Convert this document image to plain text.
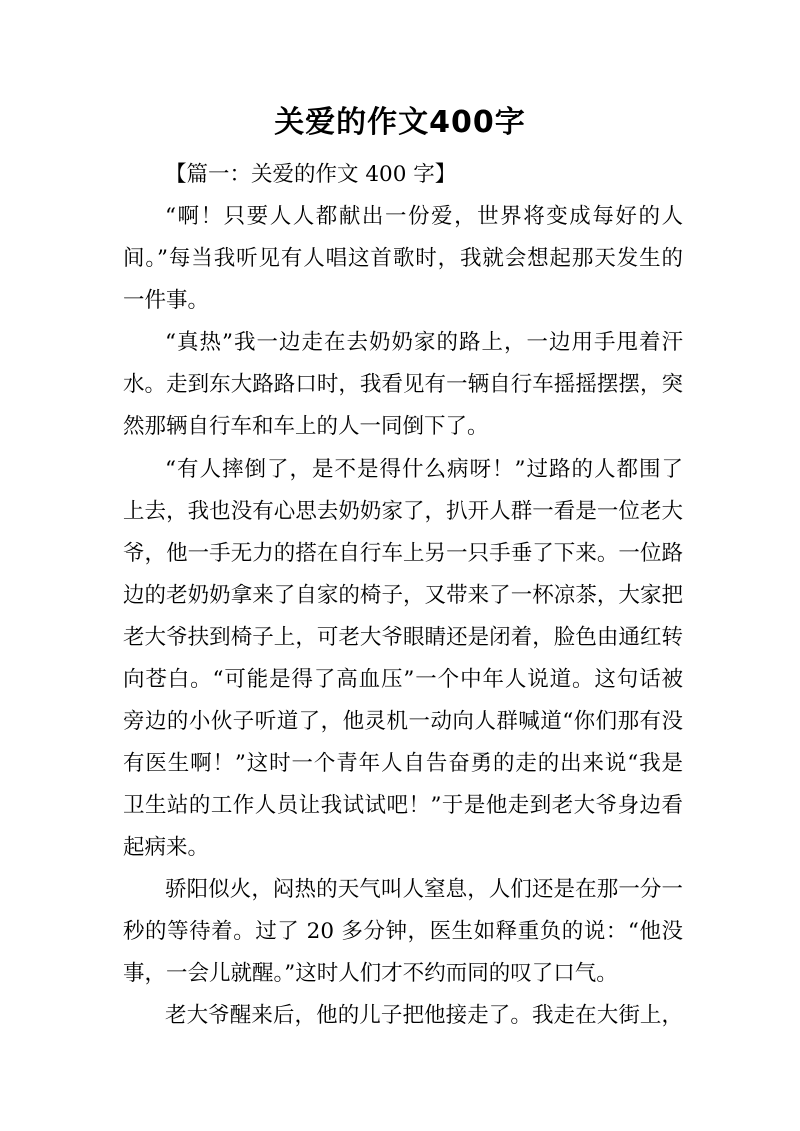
关爱的作文400字
【篇一：关爱的作文 400 字】
“啊！只要人人都献出一份爱，世界将变成每好的人
间。”每当我听见有人唱这首歌时，我就会想起那天发生的
一件事。
“真热”我一边走在去奶奶家的路上，一边用手甩着汗
水。走到东大路路口时，我看见有一辆自行车摇摇摆摆，突
然那辆自行车和车上的人一同倒下了。
“有人摔倒了，是不是得什么病呀！”过路的人都围了
上去，我也没有心思去奶奶家了，扒开人群一看是一位老大
爷，他一手无力的搭在自行车上另一只手垂了下来。一位路
边的老奶奶拿来了自家的椅子，又带来了一杯凉茶，大家把
老大爷扶到椅子上，可老大爷眼睛还是闭着，脸色由通红转
向苍白。“可能是得了高血压”一个中年人说道。这句话被
旁边的小伙子听道了，他灵机一动向人群喊道“你们那有没
有医生啊！”这时一个青年人自告奋勇的走的出来说“我是
卫生站的工作人员让我试试吧！”于是他走到老大爷身边看
起病来。
骄阳似火，闷热的天气叫人窒息，人们还是在那一分一
秒的等待着。过了 20 多分钟，医生如释重负的说：“他没
事，一会儿就醒。”这时人们才不约而同的叹了口气。
老大爷醒来后，他的儿子把他接走了。我走在大街上，
